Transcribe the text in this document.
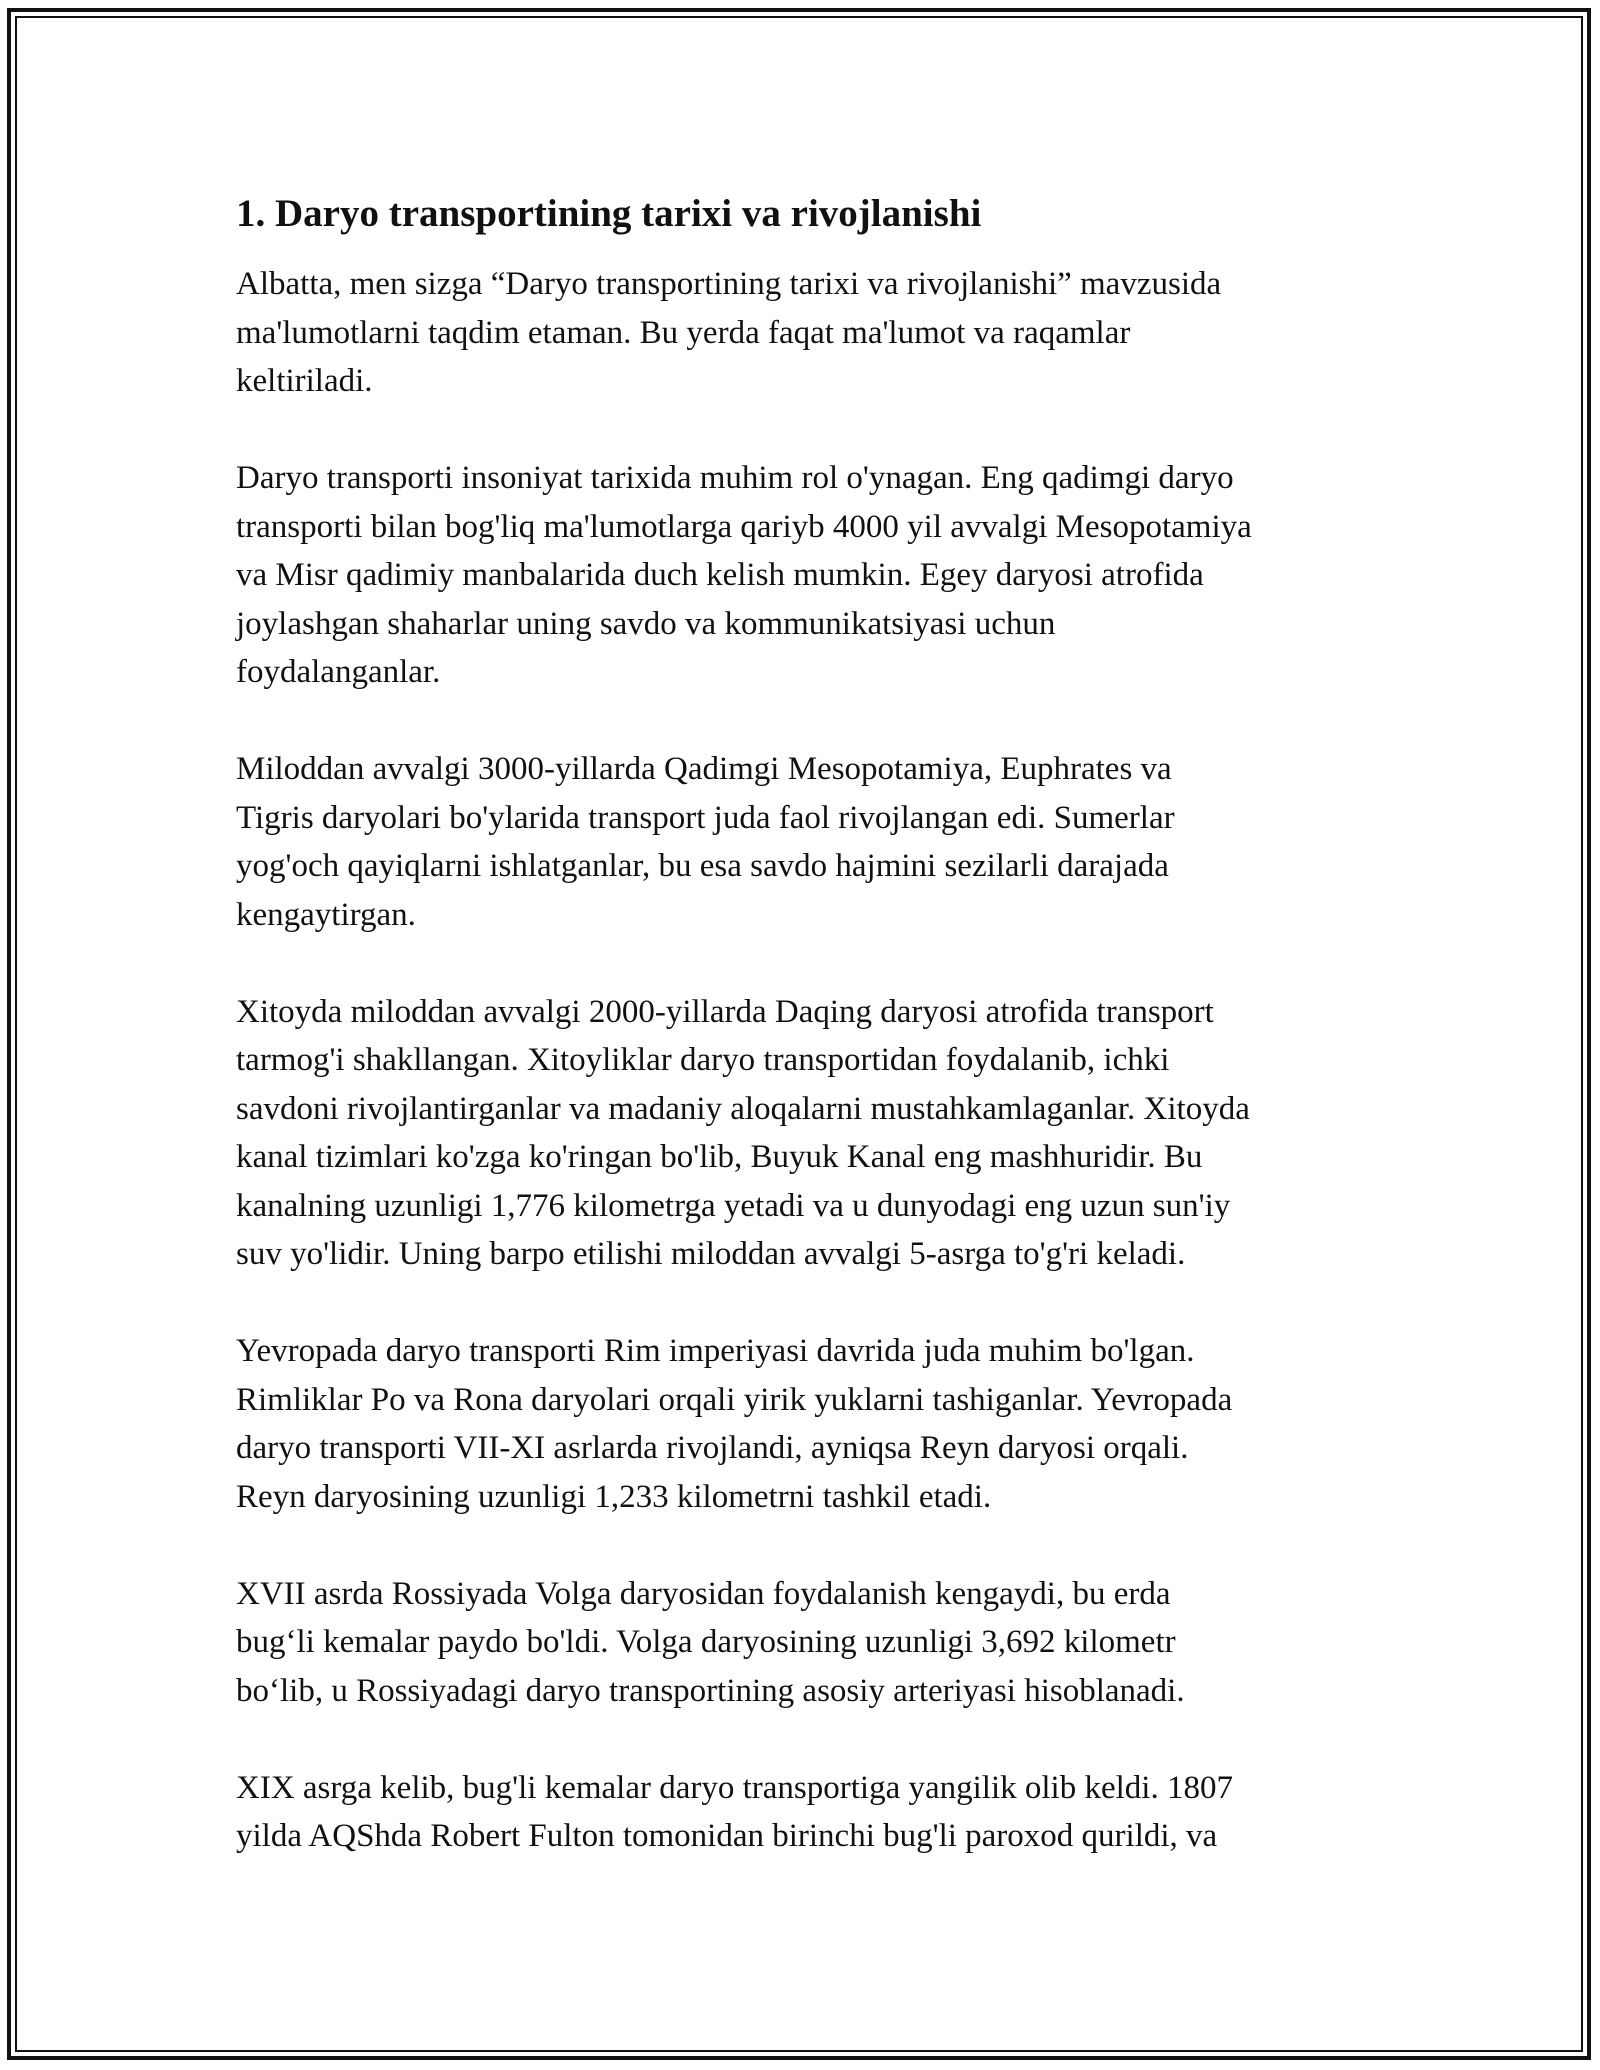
1. Daryo transportining tarixi va rivojlanishi

Albatta, men sizga “Daryo transportining tarixi va rivojlanishi” mavzusida
ma'lumotlarni taqdim etaman. Bu yerda faqat ma'lumot va raqamlar
keltiriladi.

Daryo transporti insoniyat tarixida muhim rol o'ynagan. Eng qadimgi daryo
transporti bilan bog'liq ma'lumotlarga qariyb 4000 yil avvalgi Mesopotamiya
va Misr qadimiy manbalarida duch kelish mumkin. Egey daryosi atrofida
joylashgan shaharlar uning savdo va kommunikatsiyasi uchun
foydalanganlar.

Miloddan avvalgi 3000-yillarda Qadimgi Mesopotamiya, Euphrates va
Tigris daryolari bo'ylarida transport juda faol rivojlangan edi. Sumerlar
yog'och qayiqlarni ishlatganlar, bu esa savdo hajmini sezilarli darajada
kengaytirgan.

Xitoyda miloddan avvalgi 2000-yillarda Daqing daryosi atrofida transport
tarmog'i shakllangan. Xitoyliklar daryo transportidan foydalanib, ichki
savdoni rivojlantirganlar va madaniy aloqalarni mustahkamlaganlar. Xitoyda
kanal tizimlari ko'zga ko'ringan bo'lib, Buyuk Kanal eng mashhuridir. Bu
kanalning uzunligi 1,776 kilometrga yetadi va u dunyodagi eng uzun sun'iy
suv yo'lidir. Uning barpo etilishi miloddan avvalgi 5-asrga to'g'ri keladi.

Yevropada daryo transporti Rim imperiyasi davrida juda muhim bo'lgan.
Rimliklar Po va Rona daryolari orqali yirik yuklarni tashiganlar. Yevropada
daryo transporti VII-XI asrlarda rivojlandi, ayniqsa Reyn daryosi orqali.
Reyn daryosining uzunligi 1,233 kilometrni tashkil etadi.

XVII asrda Rossiyada Volga daryosidan foydalanish kengaydi, bu erda
bug‘li kemalar paydo bo'ldi. Volga daryosining uzunligi 3,692 kilometr
bo‘lib, u Rossiyadagi daryo transportining asosiy arteriyasi hisoblanadi.

XIX asrga kelib, bug'li kemalar daryo transportiga yangilik olib keldi. 1807
yilda AQShda Robert Fulton tomonidan birinchi bug'li paroxod qurildi, va
